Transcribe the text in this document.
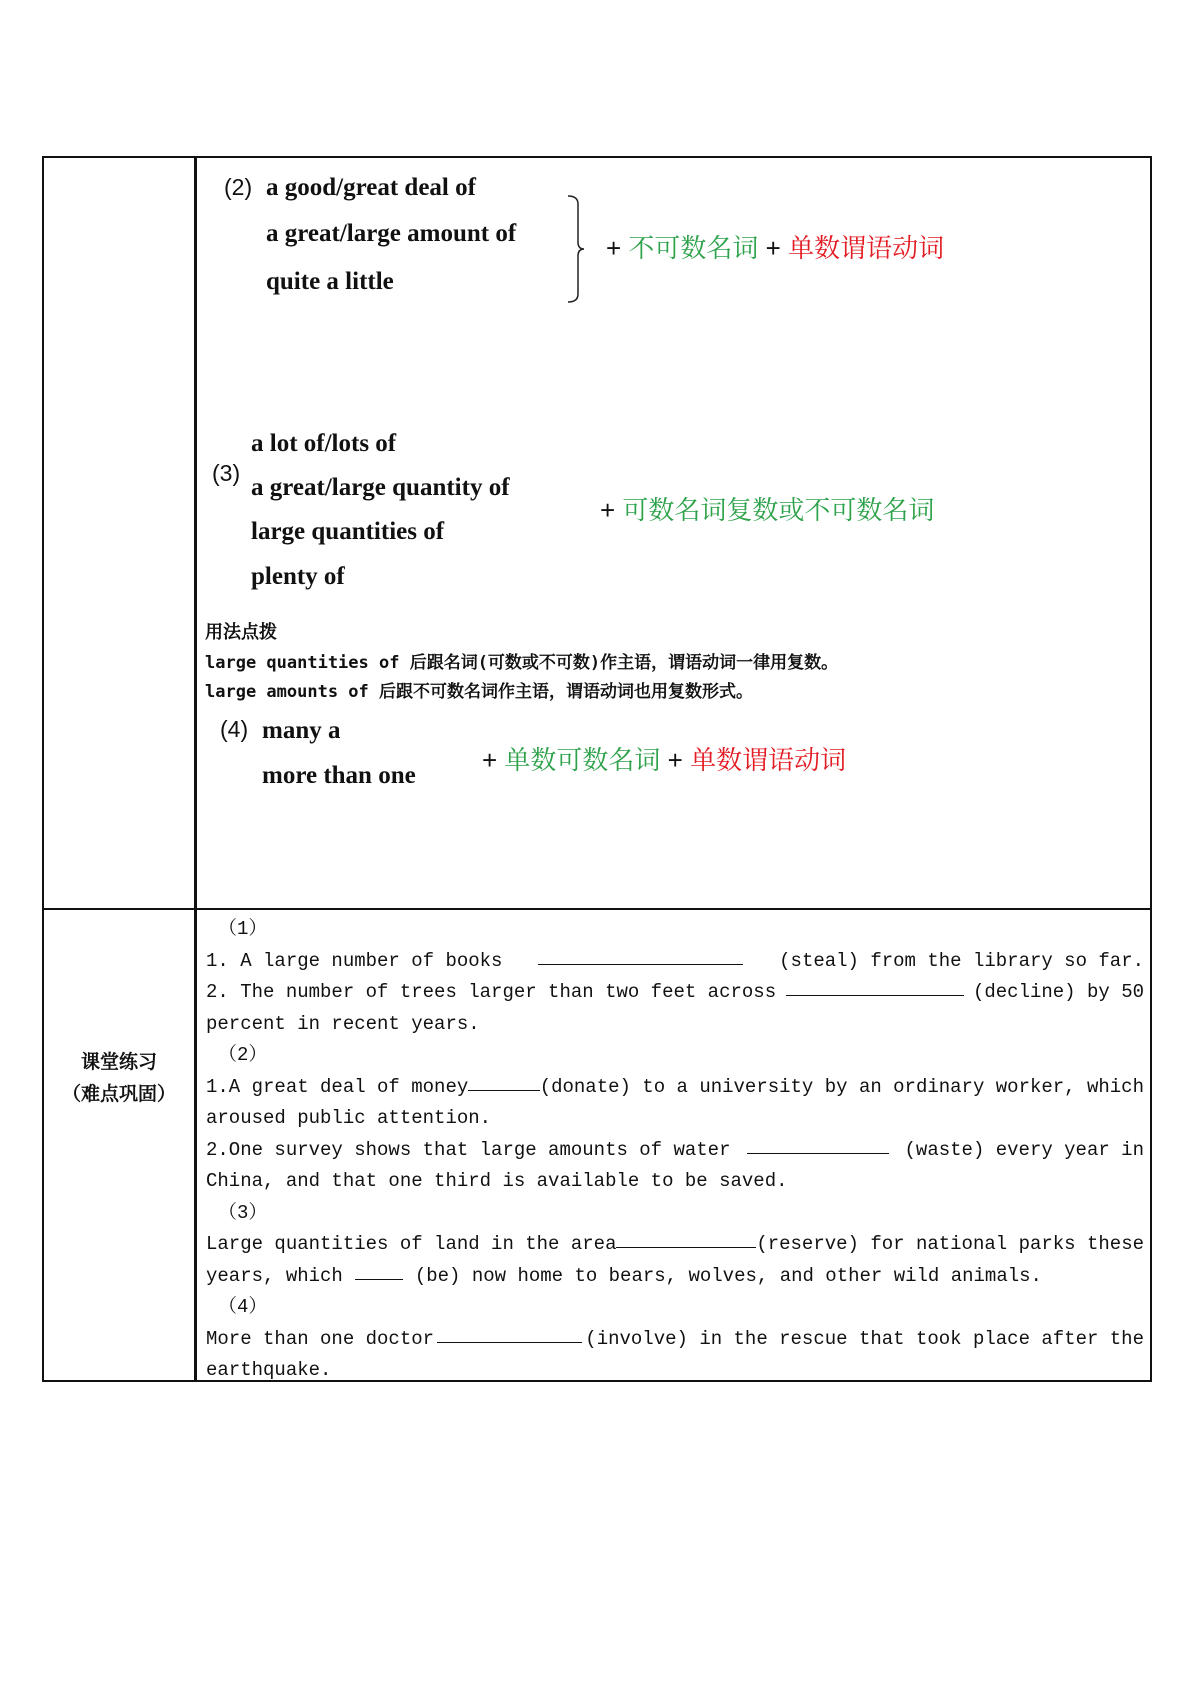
(2) a good/great deal of
a great/large amount of
quite a little
+ 不可数名词 + 单数谓语动词
a lot of/lots of
(3)
a great/large quantity of
large quantities of
plenty of
+ 可数名词复数或不可数名词
用法点拨
large quantities of 后跟名词(可数或不可数)作主语，谓语动词一律用复数。
large amounts of 后跟不可数名词作主语，谓语动词也用复数形式。
(4) many a
more than one
+ 单数可数名词 + 单数谓语动词
课堂练习
（难点巩固）
（1）
1. A large number of books	(steal) from the library so far.
2. The number of trees larger than two feet across	(decline) by 50
percent in recent years.
（2）
1.A great deal of money	(donate) to a university by an ordinary worker, which
aroused public attention.
2.One survey shows that large amounts of water	(waste) every year in
China, and that one third is available to be saved.
（3）
Large quantities of land in the area	(reserve) for national parks these
years, which	(be) now home to bears, wolves, and other wild animals.
（4）
More than one doctor	(involve) in the rescue that took place after the
earthquake.
